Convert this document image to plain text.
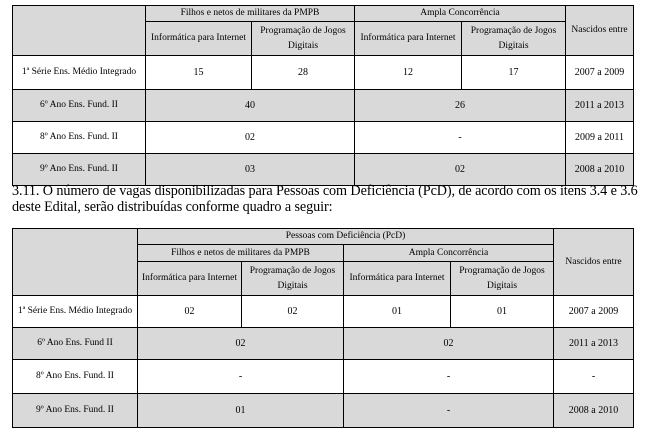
	Filhos e netos de militares da PMPB		Ampla Concorrência		Nascidos entre
	Informática para Internet	Programação de Jogos Digitais	Informática para Internet	Programação de Jogos Digitais	
1ª Série Ens. Médio Integrado	15	28	12	17	2007 a 2009
6º Ano Ens. Fund. II	40		26		2011 a 2013
8º Ano Ens. Fund. II	02		-		2009 a 2011
9º Ano Ens. Fund. II	03		02		2008 a 2010

3.11. O número de vagas disponibilizadas para Pessoas com Deficiência (PcD), de acordo com os itens 3.4 e 3.6 deste Edital, serão distribuídas conforme quadro a seguir:

	Pessoas com Deficiência (PcD)				Nascidos entre
	Filhos e netos de militares da PMPB		Ampla Concorrência		
	Informática para Internet	Programação de Jogos Digitais	Informática para Internet	Programação de Jogos Digitais	
1ª Série Ens. Médio Integrado	02	02	01	01	2007 a 2009
6º Ano Ens. Fund II	02		02		2011 a 2013
8º Ano Ens. Fund. II	-		-		-
9º Ano Ens. Fund. II	01		-		2008 a 2010
